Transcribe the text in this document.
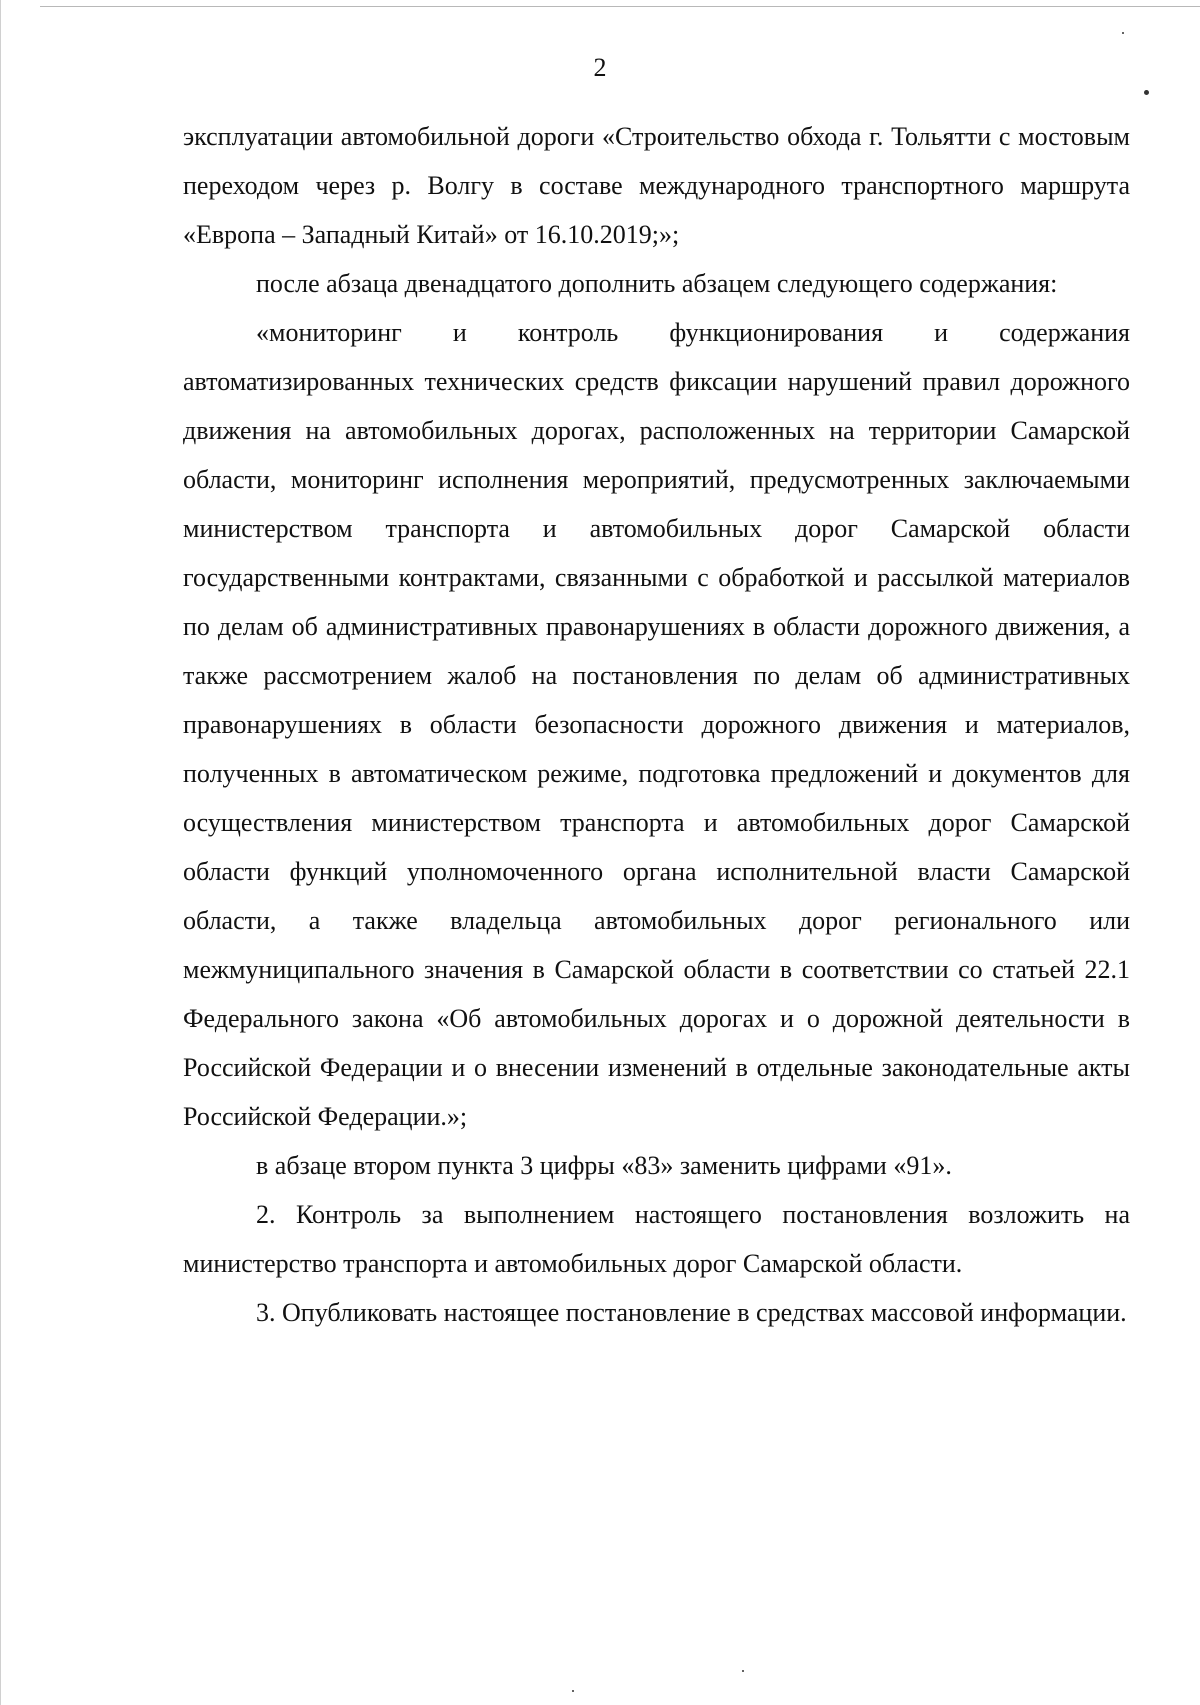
2

эксплуатации автомобильной дороги «Строительство обхода г. Тольятти с мостовым переходом через р. Волгу в составе международного транспортного маршрута «Европа – Западный Китай» от 16.10.2019;»;

после абзаца двенадцатого дополнить абзацем следующего содержания:

«мониторинг и контроль функционирования и содержания автоматизированных технических средств фиксации нарушений правил дорожного движения на автомобильных дорогах, расположенных на территории Самарской области, мониторинг исполнения мероприятий, предусмотренных заключаемыми министерством транспорта и автомобильных дорог Самарской области государственными контрактами, связанными с обработкой и рассылкой материалов по делам об административных правонарушениях в области дорожного движения, а также рассмотрением жалоб на постановления по делам об административных правонарушениях в области безопасности дорожного движения и материалов, полученных в автоматическом режиме, подготовка предложений и документов для осуществления министерством транспорта и автомобильных дорог Самарской области функций уполномоченного органа исполнительной власти Самарской области, а также владельца автомобильных дорог регионального или межмуниципального значения в Самарской области в соответствии со статьей 22.1 Федерального закона «Об автомобильных дорогах и о дорожной деятельности в Российской Федерации и о внесении изменений в отдельные законодательные акты Российской Федерации.»;

в абзаце втором пункта 3 цифры «83» заменить цифрами «91».

2. Контроль за выполнением настоящего постановления возложить на министерство транспорта и автомобильных дорог Самарской области.

3. Опубликовать настоящее постановление в средствах массовой информации.
